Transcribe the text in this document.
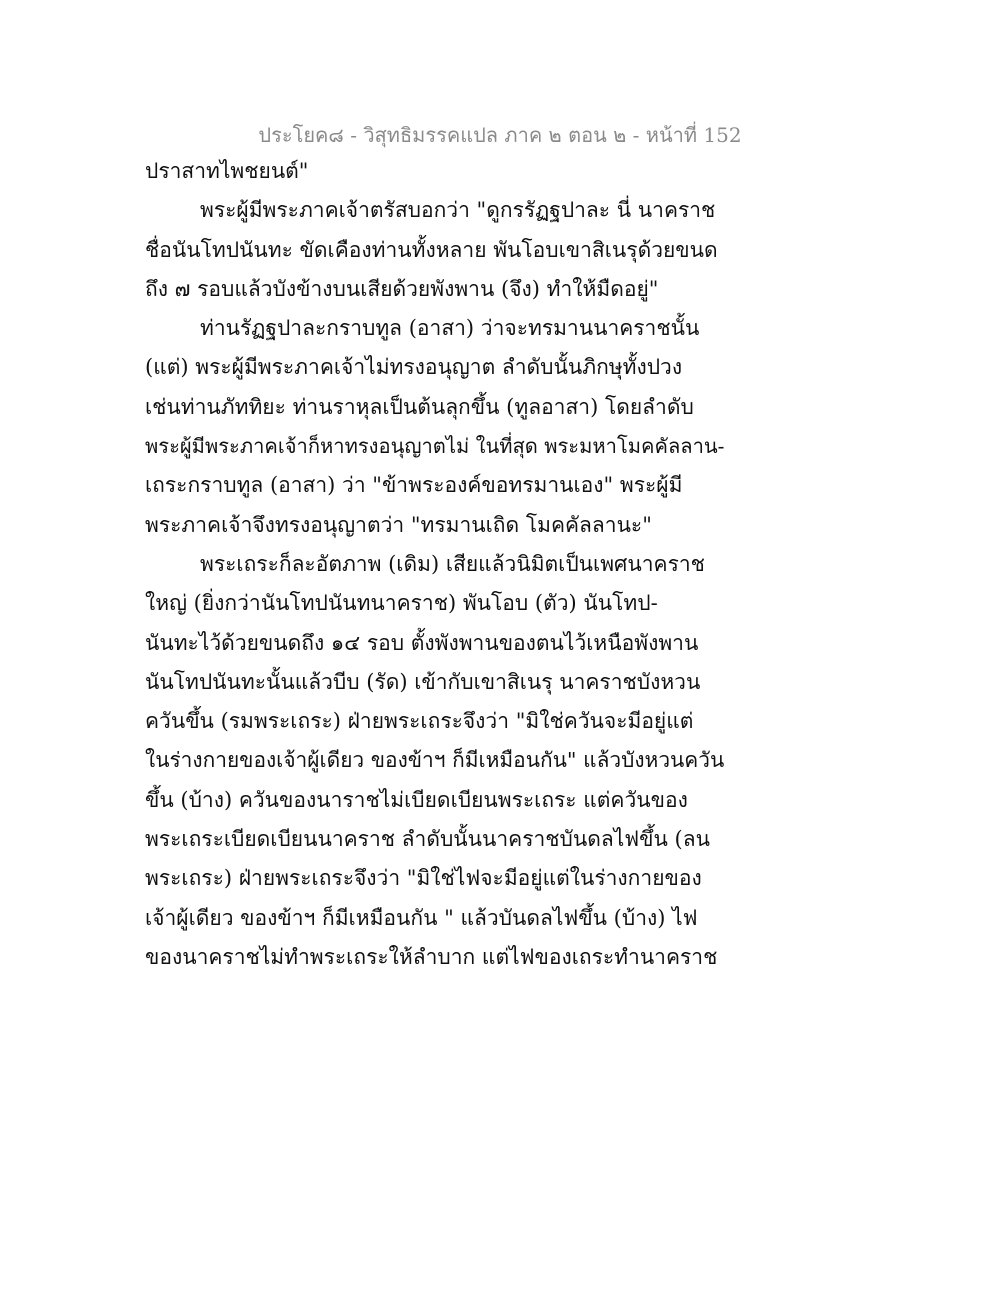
ประโยค๘ - วิสุทธิมรรคแปล ภาค ๒ ตอน ๒ - หน้าที่ 152
ปราสาทไพชยนต์"
พระผู้มีพระภาคเจ้าตรัสบอกว่า "ดูกรรัฏฐปาละ นี่ นาคราช
ชื่อนันโทปนันทะ ขัดเคืองท่านทั้งหลาย พันโอบเขาสิเนรุด้วยขนด
ถึง ๗ รอบแล้วบังข้างบนเสียด้วยพังพาน (จึง) ทำให้มืดอยู่"
ท่านรัฏฐปาละกราบทูล (อาสา) ว่าจะทรมานนาคราชนั้น
(แต่) พระผู้มีพระภาคเจ้าไม่ทรงอนุญาต ลำดับนั้นภิกษุทั้งปวง
เช่นท่านภัททิยะ ท่านราหุลเป็นต้นลุกขึ้น (ทูลอาสา) โดยลำดับ
พระผู้มีพระภาคเจ้าก็หาทรงอนุญาตไม่ ในที่สุด พระมหาโมคคัลลาน-
เถระกราบทูล (อาสา) ว่า "ข้าพระองค์ขอทรมานเอง" พระผู้มี
พระภาคเจ้าจึงทรงอนุญาตว่า "ทรมานเถิด โมคคัลลานะ"
พระเถระก็ละอัตภาพ (เดิม) เสียแล้วนิมิตเป็นเพศนาคราช
ใหญ่ (ยิ่งกว่านันโทปนันทนาคราช) พันโอบ (ตัว) นันโทป-
นันทะไว้ด้วยขนดถึง ๑๔ รอบ ตั้งพังพานของตนไว้เหนือพังพาน
นันโทปนันทะนั้นแล้วบีบ (รัด) เข้ากับเขาสิเนรุ นาคราชบังหวน
ควันขึ้น (รมพระเถระ) ฝ่ายพระเถระจึงว่า "มิใช่ควันจะมีอยู่แต่
ในร่างกายของเจ้าผู้เดียว ของข้าฯ ก็มีเหมือนกัน" แล้วบังหวนควัน
ขึ้น (บ้าง) ควันของนาราชไม่เบียดเบียนพระเถระ แต่ควันของ
พระเถระเบียดเบียนนาคราช ลำดับนั้นนาคราชบันดลไฟขึ้น (ลน
พระเถระ) ฝ่ายพระเถระจึงว่า "มิใช่ไฟจะมีอยู่แต่ในร่างกายของ
เจ้าผู้เดียว ของข้าฯ ก็มีเหมือนกัน " แล้วบันดลไฟขึ้น (บ้าง) ไฟ
ของนาคราชไม่ทำพระเถระให้ลำบาก แต่ไฟของเถระทำนาคราช
